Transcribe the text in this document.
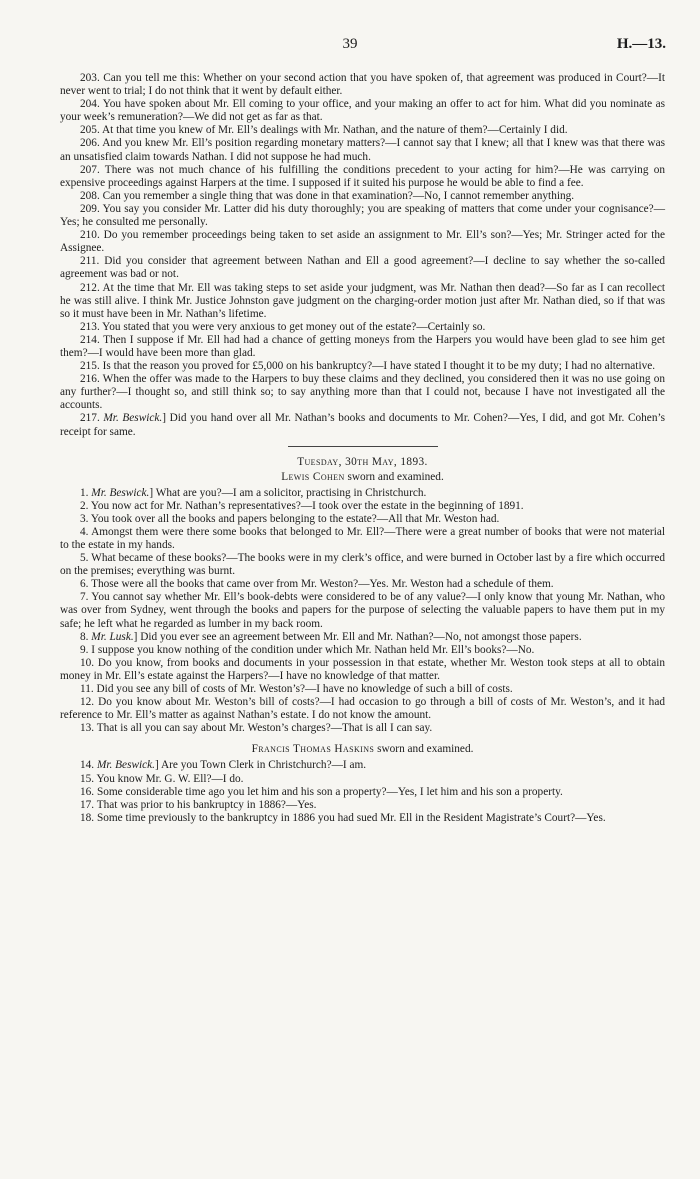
39	H.—13.

203. Can you tell me this: Whether on your second action that you have spoken of, that agreement was produced in Court?—It never went to trial; I do not think that it went by default either.

204. You have spoken about Mr. Ell coming to your office, and your making an offer to act for him. What did you nominate as your week’s remuneration?—We did not get as far as that.

205. At that time you knew of Mr. Ell’s dealings with Mr. Nathan, and the nature of them?—Certainly I did.

206. And you knew Mr. Ell’s position regarding monetary matters?—I cannot say that I knew; all that I knew was that there was an unsatisfied claim towards Nathan. I did not suppose he had much.

207. There was not much chance of his fulfilling the conditions precedent to your acting for him?—He was carrying on expensive proceedings against Harpers at the time. I supposed if it suited his purpose he would be able to find a fee.

208. Can you remember a single thing that was done in that examination?—No, I cannot remember anything.

209. You say you consider Mr. Latter did his duty thoroughly; you are speaking of matters that come under your cognisance?—Yes; he consulted me personally.

210. Do you remember proceedings being taken to set aside an assignment to Mr. Ell’s son?—Yes; Mr. Stringer acted for the Assignee.

211. Did you consider that agreement between Nathan and Ell a good agreement?—I decline to say whether the so-called agreement was bad or not.

212. At the time that Mr. Ell was taking steps to set aside your judgment, was Mr. Nathan then dead?—So far as I can recollect he was still alive. I think Mr. Justice Johnston gave judgment on the charging-order motion just after Mr. Nathan died, so if that was so it must have been in Mr. Nathan’s lifetime.

213. You stated that you were very anxious to get money out of the estate?—Certainly so.

214. Then I suppose if Mr. Ell had had a chance of getting moneys from the Harpers you would have been glad to see him get them?—I would have been more than glad.

215. Is that the reason you proved for £5,000 on his bankruptcy?—I have stated I thought it to be my duty; I had no alternative.

216. When the offer was made to the Harpers to buy these claims and they declined, you considered then it was no use going on any further?—I thought so, and still think so; to say anything more than that I could not, because I have not investigated all the accounts.

217. Mr. Beswick.] Did you hand over all Mr. Nathan’s books and documents to Mr. Cohen?—Yes, I did, and got Mr. Cohen’s receipt for same.

Tuesday, 30th May, 1893.
Lewis Cohen sworn and examined.

1. Mr. Beswick.] What are you?—I am a solicitor, practising in Christchurch.

2. You now act for Mr. Nathan’s representatives?—I took over the estate in the beginning of 1891.

3. You took over all the books and papers belonging to the estate?—All that Mr. Weston had.

4. Amongst them were there some books that belonged to Mr. Ell?—There were a great number of books that were not material to the estate in my hands.

5. What became of these books?—The books were in my clerk’s office, and were burned in October last by a fire which occurred on the premises; everything was burnt.

6. Those were all the books that came over from Mr. Weston?—Yes. Mr. Weston had a schedule of them.

7. You cannot say whether Mr. Ell’s book-debts were considered to be of any value?—I only know that young Mr. Nathan, who was over from Sydney, went through the books and papers for the purpose of selecting the valuable papers to have them put in my safe; he left what he regarded as lumber in my back room.

8. Mr. Lusk.] Did you ever see an agreement between Mr. Ell and Mr. Nathan?—No, not amongst those papers.

9. I suppose you know nothing of the condition under which Mr. Nathan held Mr. Ell’s books?—No.

10. Do you know, from books and documents in your possession in that estate, whether Mr. Weston took steps at all to obtain money in Mr. Ell’s estate against the Harpers?—I have no knowledge of that matter.

11. Did you see any bill of costs of Mr. Weston’s?—I have no knowledge of such a bill of costs.

12. Do you know about Mr. Weston’s bill of costs?—I had occasion to go through a bill of costs of Mr. Weston’s, and it had reference to Mr. Ell’s matter as against Nathan’s estate. I do not know the amount.

13. That is all you can say about Mr. Weston’s charges?—That is all I can say.

Francis Thomas Haskins sworn and examined.

14. Mr. Beswick.] Are you Town Clerk in Christchurch?—I am.

15. You know Mr. G. W. Ell?—I do.

16. Some considerable time ago you let him and his son a property?—Yes, I let him and his son a property.

17. That was prior to his bankruptcy in 1886?—Yes.

18. Some time previously to the bankruptcy in 1886 you had sued Mr. Ell in the Resident Magistrate’s Court?—Yes.
